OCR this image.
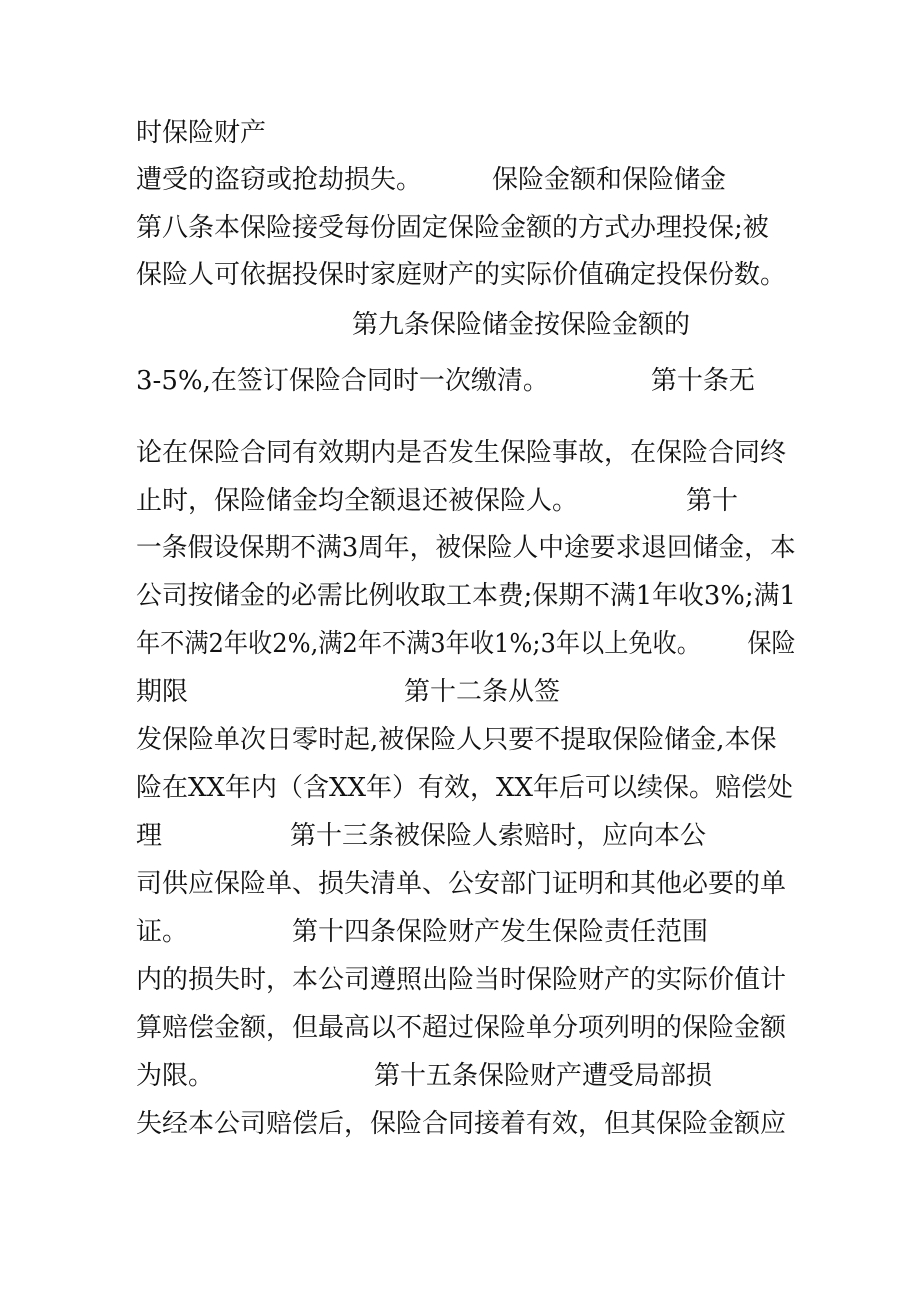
时保险财产
遭受的盗窃或抢劫损失。	保险金额和保险储金
第八条本保险接受每份固定保险金额的方式办理投保;被
保险人可依据投保时家庭财产的实际价值确定投保份数。
第九条保险储金按保险金额的
3-5%,在签订保险合同时一次缴清。	第十条无
论在保险合同有效期内是否发生保险事故，在保险合同终
止时，保险储金均全额退还被保险人。	第十
一条假设保期不满3周年，被保险人中途要求退回储金，本
公司按储金的必需比例收取工本费;保期不满1年收3%;满1
年不满2年收2%,满2年不满3年收1%;3年以上免收。 保险
期限	第十二条从签
发保险单次日零时起,被保险人只要不提取保险储金,本保
险在XX年内（含XX年）有效，XX年后可以续保。赔偿处
理	第十三条被保险人索赔时，应向本公
司供应保险单、损失清单、公安部门证明和其他必要的单
证。	第十四条保险财产发生保险责任范围
内的损失时，本公司遵照出险当时保险财产的实际价值计
算赔偿金额，但最高以不超过保险单分项列明的保险金额
为限。	第十五条保险财产遭受局部损
失经本公司赔偿后，保险合同接着有效，但其保险金额应
